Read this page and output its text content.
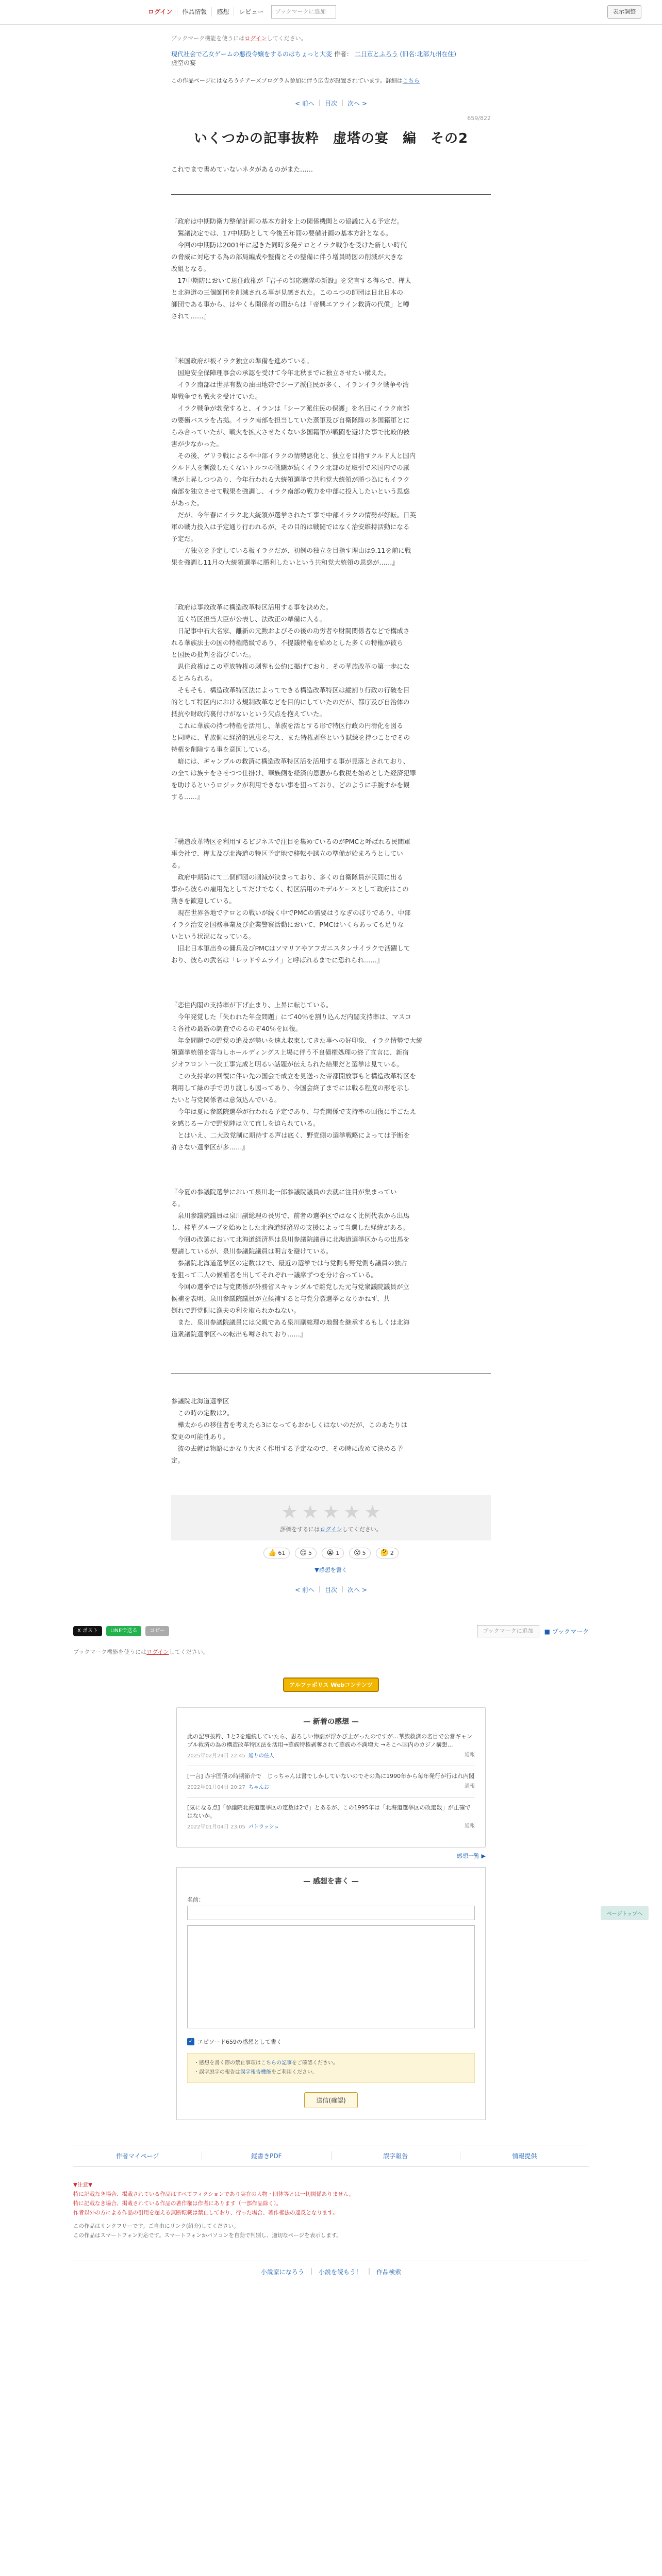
ログイン	作品情報	感想	レビュー	ブックマークに追加	表示調整
ブックマーク機能を使うにはログインしてください。
現代社会で乙女ゲームの悪役令嬢をするのはちょっと大変 作者： 二日市とふろう (旧名:北部九州在住)
虚空の宴
この作品ページにはなろうチアーズプログラム参加に伴う広告が設置されています。詳細はこちら
< 前へ | 目次 | 次へ >
659/822
いくつかの記事抜粋　虚塔の宴　編　その2
これでまで書めていないネタがあるのがまた……

『政府は中期防衛力整備計画の基本方針を上の関係機関との協議に入る予定だ。

　鷲議決定では、17中期防として今後五年間の要備計画の基本方針となる。

　今回の中期防は2001年に起きた同時多発テロとイラク戦争を受けた新しい時代

の脅威に対応する為の部局編成や整備とその整備に伴う増員時図の削減が大きな

改組となる。

　17中期防において思住政権が『岩子の部応選隊の新設』を発言する得らで、樺太

と北海道の三個師団を削減される事が見感された。このニつの師団は日北日本の

師団である事から、はやくも開係者の間からは「帝興エアライン救済の代償」と噂

されて……』

『米国政府が板イラク独立の準備を進めている。

　国連安全保障理事会の承認を受けて今年北秋までに独立させたい構えた。

　イラク南部は世界有数の油田地帯でシーア派住民が多く、イランイラク戦争や湾

岸戦争でも戦火を受けていた。

　イラク戦争が勃発すると、イランは「シーア派住民の保護」を名目にイラク南部

の要衝バスラを占拠。イラク南部を担当していた蒸軍及び自衛隊隊の多国籍軍とに

らみ合っていたが、戦火を拡大させたくない多国籍軍が戦闘を避けた事で比較的被

害が少なかった。

　その後、ゲリラ戦によるや中部イラクの情勢悪化と、独立を目指すクルド人と国内

クルド人を刺激したくないトルコの戦闘が続くイラク北部の足取引で米国内での厭

戦が上昇しつつあり、今年行われる大統領選挙で共和党大統領が勝つ為にもイラク

南部を独立させて戦果を強調し、イラク南部の戦力を中部に投入したいという思惑

があった。

　だが、今年春にイラク北大統領が選挙されたて事で中部イラクの情勢が好転。日英

軍の戦力投入は予定通り行われるが、その目的は戦闘ではなく治安維持活動になる

予定だ。

　一方独立を予定している板イラクだが、初例の独立を目指す理由は9.11を前に戦

果を強調し11月の大統領選挙に勝利したいという共和党大統領の思惑が……』

『政府は事故改革に構造改革特区活用する事を決めた。

　近く特区担当大臣が公表し、法改正の準備に入る。

　日記事中石大名家、離新の元勲およびその後の功労者や財閥関係者などで構成さ

れる華族法士の国の特権階級であり、不提議特権を始めとした多くの特権が彼ら

と国民の批判を浴びていた。

　思住政権はこの華族特権の剥奪も公約に掲げており、その華族改革の第一歩にな

るとみられる。

　そもそも、構造改革特区法によってできる構造改革特区は縦割り行政の行破を目

的として特区内における規制改革などを目的にしていたのだが、都庁及び自治体の

抵抗や財政的裏付けがないという欠点を抱えていた。

　これに華族の持つ特権を活用し、華族を活とする形で特区行政の円滑化を図る

と同時に、華族側に経済的恩恵を与え、また特権剥奪という試練を持つことでその

特権を削除する事を意図している。

　暗には、ギャンブルの救済に構造改革特区活を活用する事が見落とされており、

の全ては族ナをさせつつ仕掛け、華族側を経済的恩恵から救税を始めとした経済犯罪

を助けるというロジックが利用できない事を狙っており、どのように手腕すかを観

する……』

『構造改革特区を利用するビジネスで注目を集めているのがPMCと呼ばれる民間軍

事会社で、樺太及び北海道の特区予定地で移転や誘立の準備が始まろうとしてい

る。

　政府中期防にて二個師団の削減が決まっており、多くの自衛隊員が民間に出る

事から彼らの雇用先としてだけでなく、特区活用のモデルケースとして政府はこの

動きを歓迎している。

　現在世界各地でテロとの戦いが続く中でPMCの需要はうなぎのぼりであり、中部

イラク治安を国務事業及び企業警察活動において、PMCはいくらあっても足りな

いという状況になっている。

　旧北日本軍出身の傭兵及びPMCはソマリアやアフガニスタンサイラクで活躍して

おり、彼らの武名は「レッドサムライ」と呼ばれるまでに恐れられ……』

『恋住内閣の支持率が下げ止まり、上昇に転じている。

　今年発覚した「失われた年金問題」にて40％を割り込んだ内閣支持率は、マスコ

ミ各社の最新の調査でのるのぞ40％を回復。

　年金問題での野党の追及が勢いを速え収束してきた事への好印象、イラク情勢で大統

領選挙統領を寄与しホールディングス上場に伴う不良債権処理の終了宣言に、新宿

ジオフロント一次工事完成と明るい話題が伝えられた結果だと選挙は見ている。

　この支持率の回復に伴い先の国会で成立を見送った帝都開放事もと構造改革特区を

利用して緑の手で切り渡しも図ってあり、今国会終了までには戦る程度の形を示し

たいと与党関係者は意気込んでいる。

　今年は夏に参議院選挙が行われる予定であり、与党関係で支持率の回復に手ごたえ

を感じるー方で野党陣は立て直しを迫られている。

　とはいえ、二大政党制に期待する声は底く、野党側の選挙戦略によっては予断を

許さない選挙区が多……』

『今夏の参議院選挙において泉川北一郎参議院議員の去就に注目が集まってい

る。

　泉川参議院議員は泉川副総理の長男で、前者の選挙区ではなく比例代表から出馬

し、桂華グループを始めとした北海道経済界の支援によって当選した経緯がある。

　今回の改選において北海道経済界は泉川参議院議員に北海道選挙区からの出馬を

要請しているが、泉川参議院議員は明言を避けている。

　参議院北海道選挙区の定数は2で、最近の選挙では与党側も野党側も議員の独占

を狙って二人の候補者を出してそれぞれ一議席ずつを分け合っている。

　今回の選挙では与党関係が外務省スキャンダルで離党した元与党衆議院議員が立

候補を表明。泉川参議院議員が立候補すると与党分裂選挙となりかねず、共

倒れで野党側に漁夫の利を取られかねない。

　また、泉川参議院議員には父親である泉川副総理の地盤を継承するもしくは北海

道衆議院選挙区への転出も噂されており……』

参議院北海道選挙区

　この時の定数は2。

　樺太からの移住者を考えたら3になってもおかしくはないのだが、このあたりは

変更の可能性あり。

　彼の去就は物語にかなり大きく作用する予定なので、その時に改めて決める予

定。

★ ★ ★ ★ ★
評価をするにはログインしてください。
👍 61 😊 5 😭 1 😮 5 🤔 2
▼感想を書く
< 前へ | 目次 | 次へ >
X ポスト	LINEで送る	コピー	ブックマークに追加	■ ブックマーク
ブックマーク機能を使うにはログインしてください。
ページトップへ
アルファポリス Webコンテンツ
— 新着の感想 —
此の記事抜粋、1と2を連続していたら、思ろしい惨劇が浮かび上がったのですが…華族救済の名目で公営ギャンブル救済の為の構造改革特区法を活用→華族特権剥奪されて華族の不満増大 →そこへ国内のカジノ構想…
2025年02月24日 22:45 通りの住人	通報
[一言] 赤字国債の時期節介で　じっちゃんは書でしかしていないのでその為に1990年から毎年発行が行はれ内閣
2022年01月04日 20:27 ちゃんお	通報
[気になる点]「参議院北海道選挙区の定数は2で」とあるが、この1995年は「北海道選挙区の改選数」が正確ではないか。
2022年01月04日 23:05 パトラッシュ	通報
感想一覧 ▶
— 感想を書く —
名前：
✓ エピソード659の感想として書く
・感想を書く際の禁止事項はこちらの記事をご確認ください。
・誤字脱字の報告は誤字報告機能をご利用ください。
送信(確認)
作者マイページ	縦書きPDF	誤字報告	情報提供
▼注意▼
特に記載なき場合、掲載されている作品はすべてフィクションであり実在の人物・団体等とは一切関係ありません。
特に記載なき場合、掲載されている作品の著作権は作者にあります（一部作品除く）。
作者以外の方による作品の引用を超える無断転載は禁止しており、行った場合、著作権法の違反となります。
この作品はリンクフリーです。ご自由にリンク(紹介)してください。
この作品はスマートフォン対応です。スマートフォンかパソコンを自動で判別し、適切なページを表示します。
小説家になろう | 小説を読もう！ | 作品検索
